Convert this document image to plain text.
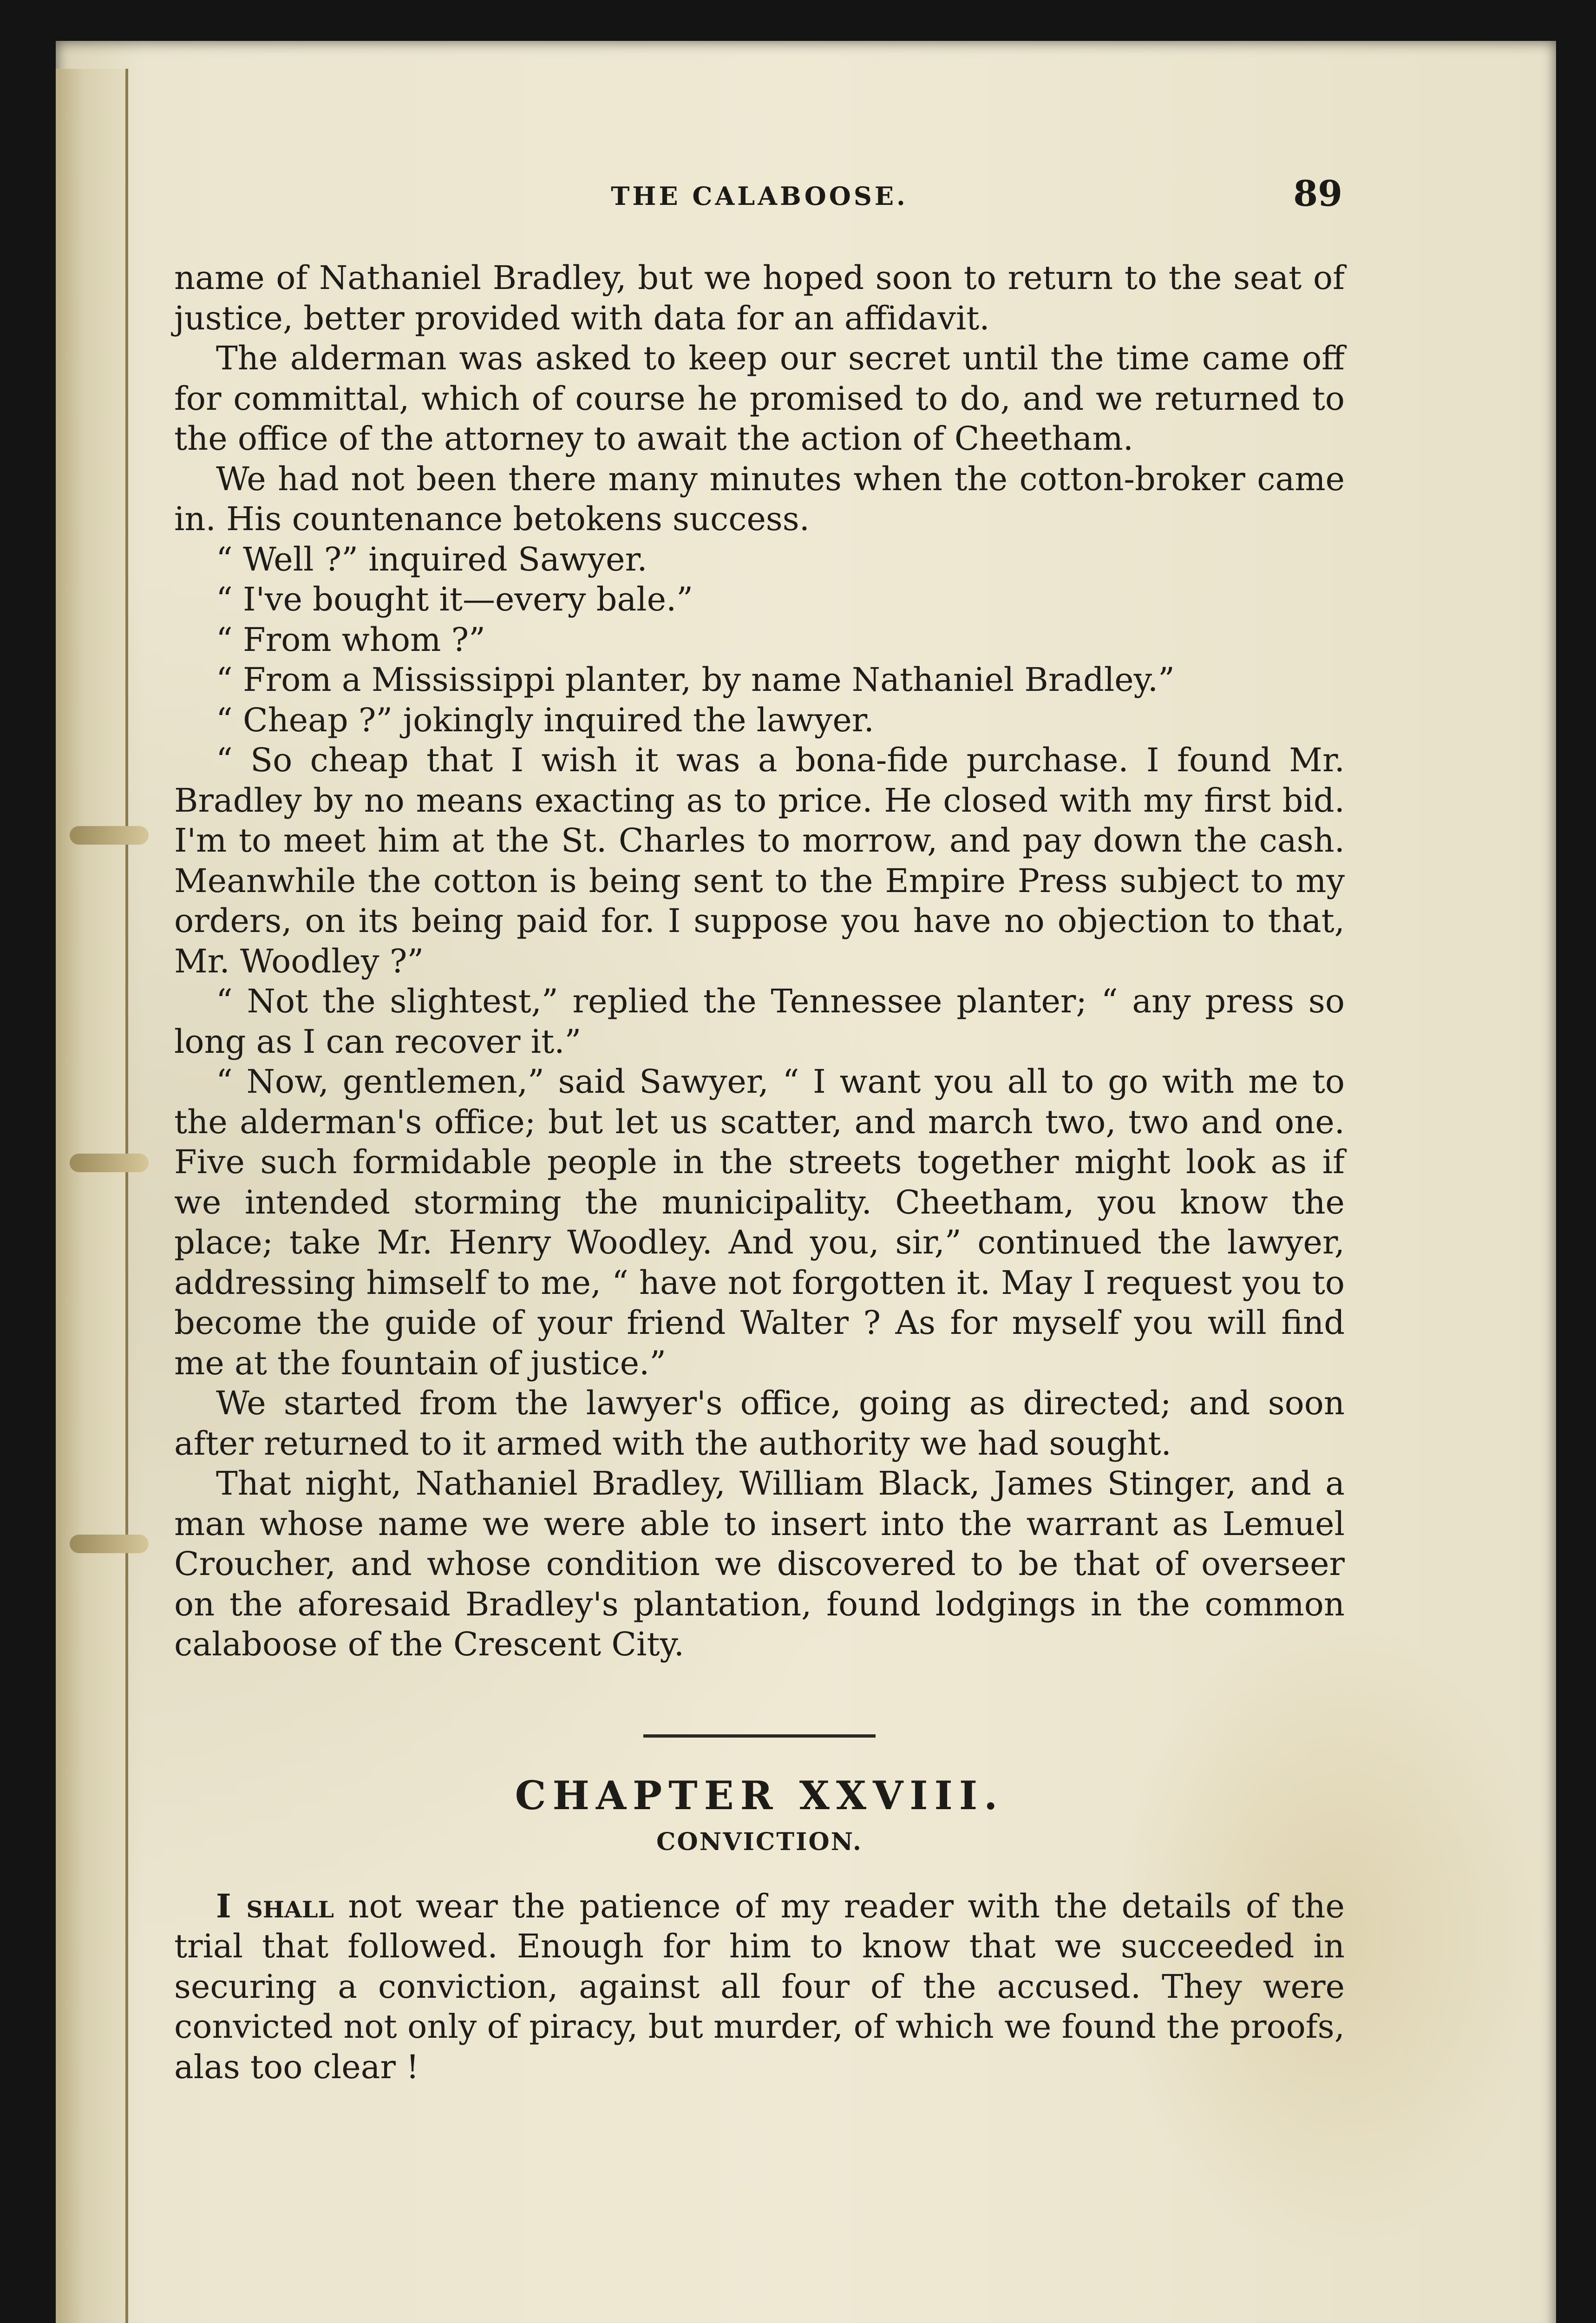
THE CALABOOSE.	89

name of Nathaniel Bradley, but we hoped soon to return to the seat of justice, better provided with data for an affidavit.

The alderman was asked to keep our secret until the time came off for committal, which of course he promised to do, and we returned to the office of the attorney to await the action of Cheetham.

We had not been there many minutes when the cotton-broker came in. His countenance betokens success.

“ Well ?” inquired Sawyer.

“ I've bought it—every bale.”

“ From whom ?”

“ From a Mississippi planter, by name Nathaniel Bradley.”

“ Cheap ?” jokingly inquired the lawyer.

“ So cheap that I wish it was a bona-fide purchase. I found Mr. Bradley by no means exacting as to price. He closed with my first bid. I'm to meet him at the St. Charles to morrow, and pay down the cash. Meanwhile the cotton is being sent to the Empire Press subject to my orders, on its being paid for. I suppose you have no objection to that, Mr. Woodley ?”

“ Not the slightest,” replied the Tennessee planter; “ any press so long as I can recover it.”

“ Now, gentlemen,” said Sawyer, “ I want you all to go with me to the alderman's office; but let us scatter, and march two, two and one. Five such formidable people in the streets together might look as if we intended storming the municipality. Cheetham, you know the place; take Mr. Henry Woodley. And you, sir,” continued the lawyer, addressing himself to me, “ have not forgotten it. May I request you to become the guide of your friend Walter ? As for myself you will find me at the fountain of justice.”

We started from the lawyer's office, going as directed; and soon after returned to it armed with the authority we had sought.

That night, Nathaniel Bradley, William Black, James Stinger, and a man whose name we were able to insert into the warrant as Lemuel Croucher, and whose condition we discovered to be that of overseer on the aforesaid Bradley's plantation, found lodgings in the common calaboose of the Crescent City.

CHAPTER XXVIII.
CONVICTION.

I shall not wear the patience of my reader with the details of the trial that followed. Enough for him to know that we succeeded in securing a conviction, against all four of the accused. They were convicted not only of piracy, but murder, of which we found the proofs, alas too clear !
